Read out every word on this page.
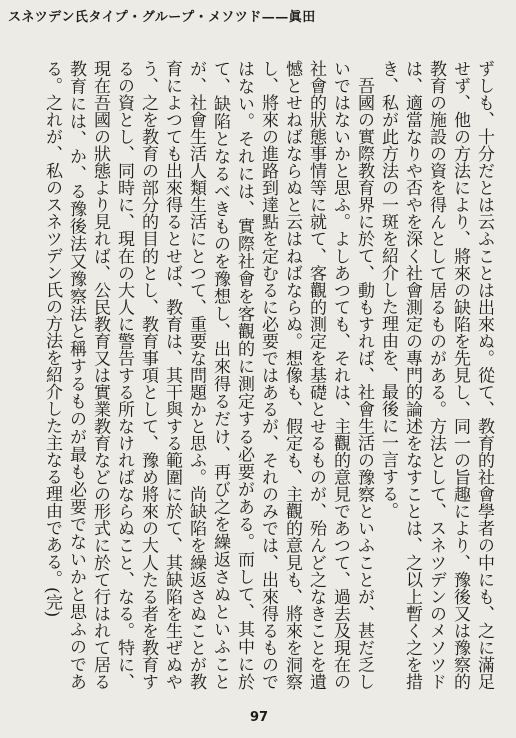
スネツデン氏タイプ・グループ・メソツド——眞田

ずしも、十分だとは云ふことは出來ぬ。從て、教育的社會學者の中にも、之に滿足せず、他の方法により、將來の缺陷を先見し、同一の旨趣により、豫後又は豫察的教育の施設の資を得んとして居るものがある。方法として、スネツデンのメソツドは、適當なりや否やを深く社會測定の專門的論述をなすことは、之以上暫く之を措き、私が此方法の一斑を紹介した理由を、最後に一言する。

吾國の實際教育界に於て、動もすれば、社會生活の豫察といふことが、甚だ乏しいではないかと思ふ。よしあつても、それは、主觀的意見であつて、過去及現在の社會的狀態事情等に就て、客觀的測定を基礎とせるものが、殆んど之なきことを遺憾とせねばならぬと云はねばならぬ。想像も、假定も、主觀的意見も、將來を洞察し、將來の進路到達點を定むるに必要ではあるが、それのみでは、出來得るものではない。それには、實際社會を客觀的に測定する必要がある。而して、其中に於て、缺陷となるべきものを豫想し、出來得るだけ、再び之を繰返さぬといふことが、社會生活人類生活にとつて、重要な問題かと思ふ。尚缺陷を繰返さぬことが教育によつても出來得るとせば、教育は、其干與する範圍に於て、其缺陷を生ぜぬやう、之を教育の部分的目的とし、教育事項として、豫め將來の大人たる者を教育するの資とし、同時に、現在の大人に警告する所なければならぬこと、なる。特に、現在吾國の狀態より見れば、公民教育又は實業教育などの形式に於て行はれて居る教育には、か、る豫後法又豫察法と稱するものが最も必要でないかと思ふのである。之れが、私のスネツデン氏の方法を紹介した主なる理由である。(完)

97
